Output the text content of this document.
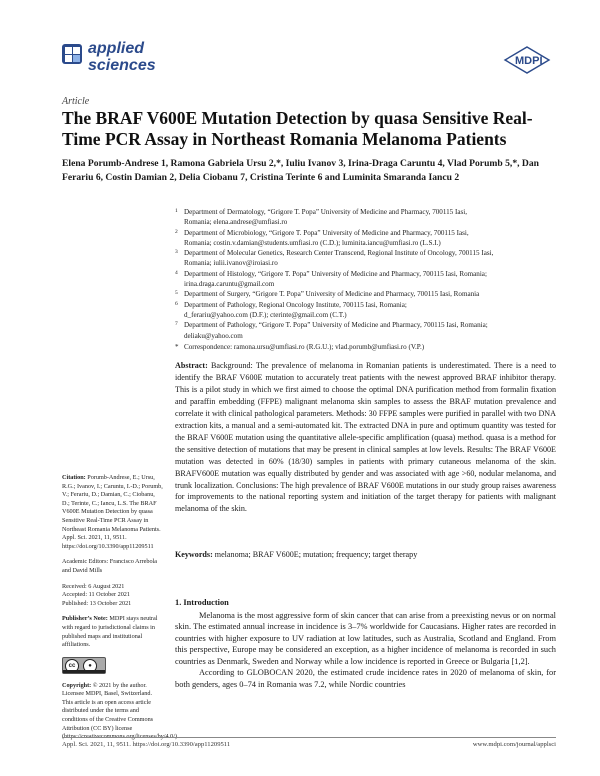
applied
sciences	MDPI
Article
The BRAF V600E Mutation Detection by quasa Sensitive Real-Time PCR Assay in Northeast Romania Melanoma Patients
Elena Porumb-Andrese 1, Ramona Gabriela Ursu 2,*, Iuliu Ivanov 3, Irina-Draga Caruntu 4, Vlad Porumb 5,*, Dan Ferariu 6, Costin Damian 2, Delia Ciobanu 7, Cristina Terinte 6 and Luminita Smaranda Iancu 2
1 Department of Dermatology, “Grigore T. Popa” University of Medicine and Pharmacy, 700115 Iasi,
Romania; elena.andrese@umfiasi.ro
2 Department of Microbiology, “Grigore T. Popa” University of Medicine and Pharmacy, 700115 Iasi,
Romania; costin.v.damian@students.umfiasi.ro (C.D.); luminita.iancu@umfiasi.ro (L.S.I.)
3 Department of Molecular Genetics, Research Center Transcend, Regional Institute of Oncology, 700115 Iasi,
Romania; iulii.ivanov@iroiasi.ro
4 Department of Histology, “Grigore T. Popa” University of Medicine and Pharmacy, 700115 Iasi, Romania;
irina.draga.caruntu@gmail.com
5 Department of Surgery, “Grigore T. Popa” University of Medicine and Pharmacy, 700115 Iasi, Romania
6 Department of Pathology, Regional Oncology Institute, 700115 Iasi, Romania;
d_ferariu@yahoo.com (D.F.); cterinte@gmail.com (C.T.)
7 Department of Pathology, “Grigore T. Popa” University of Medicine and Pharmacy, 700115 Iasi, Romania;
deliaku@yahoo.com
* Correspondence: ramona.ursu@umfiasi.ro (R.G.U.); vlad.porumb@umfiasi.ro (V.P.)
Abstract: Background: The prevalence of melanoma in Romanian patients is underestimated. There is a need to identify the BRAF V600E mutation to accurately treat patients with the newest approved BRAF inhibitor therapy. This is a pilot study in which we first aimed to choose the optimal DNA purification method from formalin fixation and paraffin embedding (FFPE) malignant melanoma skin samples to assess the BRAF mutation prevalence and correlate it with clinical pathological parameters. Methods: 30 FFPE samples were purified in parallel with two DNA extraction kits, a manual and a semi-automated kit. The extracted DNA in pure and optimum quantity was tested for the BRAF V600E mutation using the quantitative allele-specific amplification (quasa) method. quasa is a method for the sensitive detection of mutations that may be present in clinical samples at low levels. Results: The BRAF V600E mutation was detected in 60% (18/30) samples in patients with primary cutaneous melanoma of the skin. BRAFV600E mutation was equally distributed by gender and was associated with age >60, nodular melanoma, and trunk localization. Conclusions: The high prevalence of BRAF V600E mutations in our study group raises awareness for improvements to the national reporting system and initiation of the target therapy for patients with malignant melanoma of the skin.
Keywords: melanoma; BRAF V600E; mutation; frequency; target therapy

Citation: Porumb-Andrese, E.; Ursu, R.G.; Ivanov, I.; Caruntu, I.-D.; Porumb, V.; Ferariu, D.; Damian, C.; Ciobanu, D.; Terinte, C.; Iancu, L.S. The BRAF V600E Mutation Detection by quasa Sensitive Real-Time PCR Assay in Northeast Romania Melanoma Patients. Appl. Sci. 2021, 11, 9511. https://doi.org/10.3390/app11209511

Academic Editors: Francisco Arrebola and David Mills

Received: 6 August 2021
Accepted: 11 October 2021
Published: 13 October 2021

Publisher’s Note: MDPI stays neutral with regard to jurisdictional claims in published maps and institutional affiliations.

cc	●

Copyright: © 2021 by the author. Licensee MDPI, Basel, Switzerland. This article is an open access article distributed under the terms and conditions of the Creative Commons Attribution (CC BY) license (https://creativecommons.org/licenses/by/4.0/).

1. Introduction

Melanoma is the most aggressive form of skin cancer that can arise from a preexisting nevus or on normal skin. The estimated annual increase in incidence is 3–7% worldwide for Caucasians. Higher rates are recorded in countries with higher exposure to UV radiation at low latitudes, such as Australia, Scotland and England. From this perspective, Europe may be considered an exception, as a higher incidence of melanoma is recorded in such countries as Denmark, Sweden and Norway while a low incidence is reported in Greece or Bulgaria [1,2].

According to GLOBOCAN 2020, the estimated crude incidence rates in 2020 of melanoma of skin, for both genders, ages 0–74 in Romania was 7.2, while Nordic countries

Appl. Sci. 2021, 11, 9511. https://doi.org/10.3390/app11209511	www.mdpi.com/journal/applsci
